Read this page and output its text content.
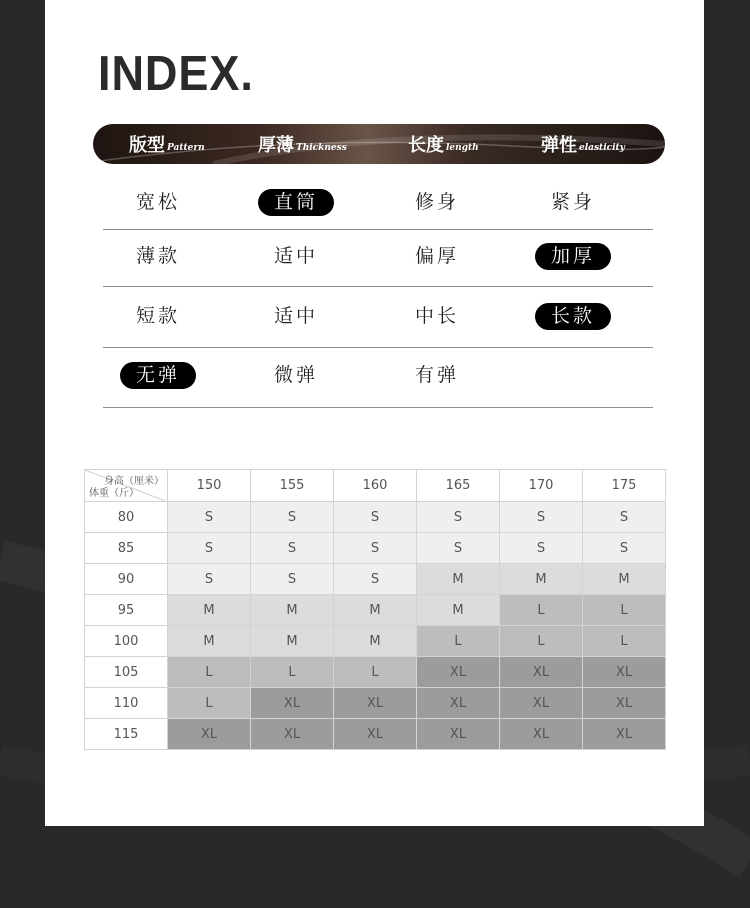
INDEX.
版型 Pattern	厚薄 Thickness	长度 length	弹性 elasticity
宽松	直筒	修身	紧身
薄款	适中	偏厚	加厚
短款	适中	中长	长款
无弹	微弹	有弹
身高（厘米）
体重（斤）	150	155	160	165	170	175
80	S	S	S	S	S	S
85	S	S	S	S	S	S
90	S	S	S	M	M	M
95	M	M	M	M	L	L
100	M	M	M	L	L	L
105	L	L	L	XL	XL	XL
110	L	XL	XL	XL	XL	XL
115	XL	XL	XL	XL	XL	XL
